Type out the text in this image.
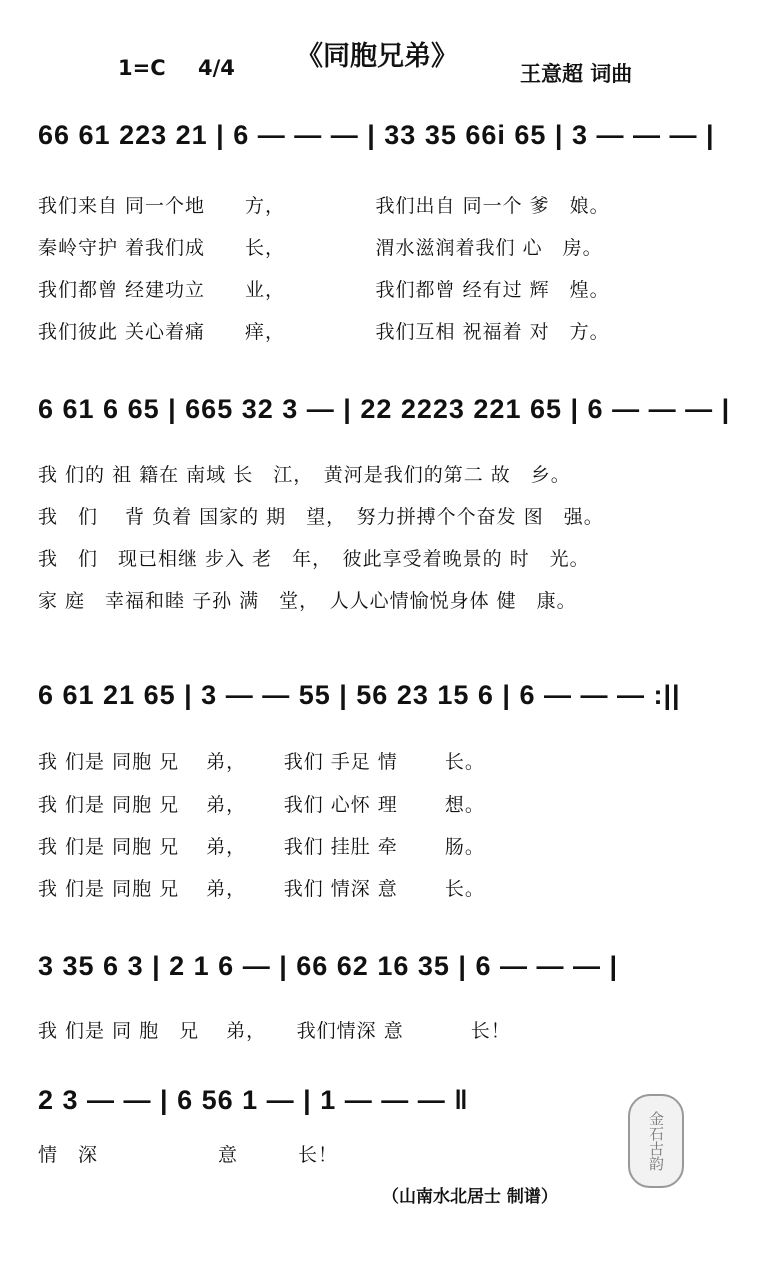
《同胞兄弟》
1=C 4/4	王意超 词曲
66 61 223 21 | 6 — — — | 33 35 66i 65 | 3 — — — |
我们来自 同一个地　　方，　　　　　我们出自 同一个 爹　娘。
秦岭守护 着我们成　　长，　　　　　渭水滋润着我们 心　房。
我们都曾 经建功立　　业，　　　　　我们都曾 经有过 辉　煌。
我们彼此 关心着痛　　痒，　　　　　我们互相 祝福着 对　方。
6 61 6 65 | 665 32 3 — | 22 2223 221 65 | 6 — — — |
我 们的 祖 籍在 南域 长　江，　黄河是我们的第二 故　乡。
我　们　 背 负着 国家的 期　望，　努力拼搏个个奋发 图　强。
我　们　现已相继 步入 老　年，　彼此享受着晚景的 时　光。
家 庭　幸福和睦 子孙 满　堂，　人人心情愉悦身体 健　康。
6 61 21 65 | 3 — — 55 | 56 23 15 6 | 6 — — — :||
我 们是 同胞 兄　 弟，　　 我们 手足 情　　 长。
我 们是 同胞 兄　 弟，　　 我们 心怀 理　　 想。
我 们是 同胞 兄　 弟，　　 我们 挂肚 牵　　 肠。
我 们是 同胞 兄　 弟，　　 我们 情深 意　　 长。
3 35 6 3 | 2 1 6 — | 66 62 16 35 | 6 — — — |
我 们是 同 胞　兄　 弟，　　我们情深 意　　　 长！
2 3 — — | 6 56 1 — | 1 — — — ‖
情　深　　　　　　意　　　长！	金石古韵
（山南水北居士 制谱）
